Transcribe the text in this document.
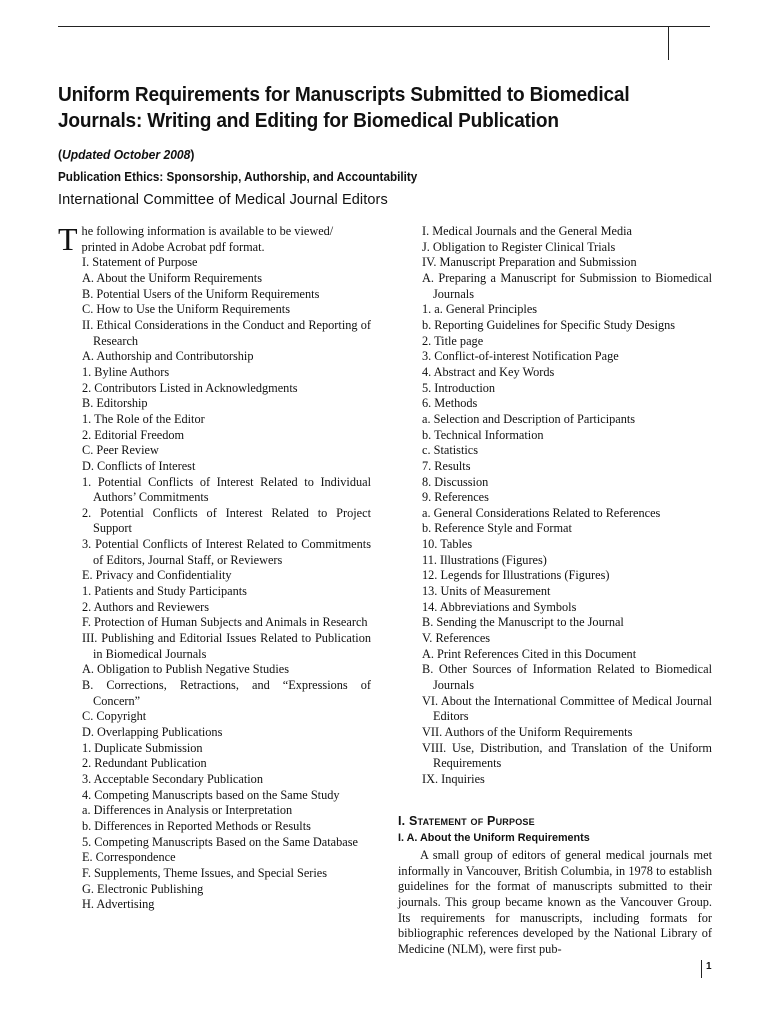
Uniform Requirements for Manuscripts Submitted to Biomedical Journals: Writing and Editing for Biomedical Publication
(Updated October 2008)
Publication Ethics: Sponsorship, Authorship, and Accountability
International Committee of Medical Journal Editors

The following information is available to be viewed/ printed in Adobe Acrobat pdf format.

I. Statement of Purpose
A. About the Uniform Requirements
B. Potential Users of the Uniform Requirements
C. How to Use the Uniform Requirements
II. Ethical Considerations in the Conduct and Reporting of Research
A. Authorship and Contributorship
1. Byline Authors
2. Contributors Listed in Acknowledgments
B. Editorship
1. The Role of the Editor
2. Editorial Freedom
C. Peer Review
D. Conflicts of Interest
1. Potential Conflicts of Interest Related to Individual Authors’ Commitments
2. Potential Conflicts of Interest Related to Project Support
3. Potential Conflicts of Interest Related to Commitments of Editors, Journal Staff, or Reviewers
E. Privacy and Confidentiality
1. Patients and Study Participants
2. Authors and Reviewers
F. Protection of Human Subjects and Animals in Research
III. Publishing and Editorial Issues Related to Publication in Biomedical Journals
A. Obligation to Publish Negative Studies
B. Corrections, Retractions, and “Expressions of Concern”
C. Copyright
D. Overlapping Publications
1. Duplicate Submission
2. Redundant Publication
3. Acceptable Secondary Publication
4. Competing Manuscripts based on the Same Study
a. Differences in Analysis or Interpretation
b. Differences in Reported Methods or Results
5. Competing Manuscripts Based on the Same Database
E. Correspondence
F. Supplements, Theme Issues, and Special Series
G. Electronic Publishing
H. Advertising
I. Medical Journals and the General Media
J. Obligation to Register Clinical Trials
IV. Manuscript Preparation and Submission
A. Preparing a Manuscript for Submission to Biomedical Journals
1. a. General Principles
b. Reporting Guidelines for Specific Study Designs
2. Title page
3. Conflict-of-interest Notification Page
4. Abstract and Key Words
5. Introduction
6. Methods
a. Selection and Description of Participants
b. Technical Information
c. Statistics
7. Results
8. Discussion
9. References
a. General Considerations Related to References
b. Reference Style and Format
10. Tables
11. Illustrations (Figures)
12. Legends for Illustrations (Figures)
13. Units of Measurement
14. Abbreviations and Symbols
B. Sending the Manuscript to the Journal
V. References
A. Print References Cited in this Document
B. Other Sources of Information Related to Biomedical Journals
VI. About the International Committee of Medical Journal Editors
VII. Authors of the Uniform Requirements
VIII. Use, Distribution, and Translation of the Uniform Requirements
IX. Inquiries
I. Statement of Purpose
I. A. About the Uniform Requirements

A small group of editors of general medical journals met informally in Vancouver, British Columbia, in 1978 to establish guidelines for the format of manuscripts submitted to their journals. This group became known as the Vancouver Group. Its requirements for manuscripts, including formats for bibliographic references developed by the National Library of Medicine (NLM), were first pub-

1
